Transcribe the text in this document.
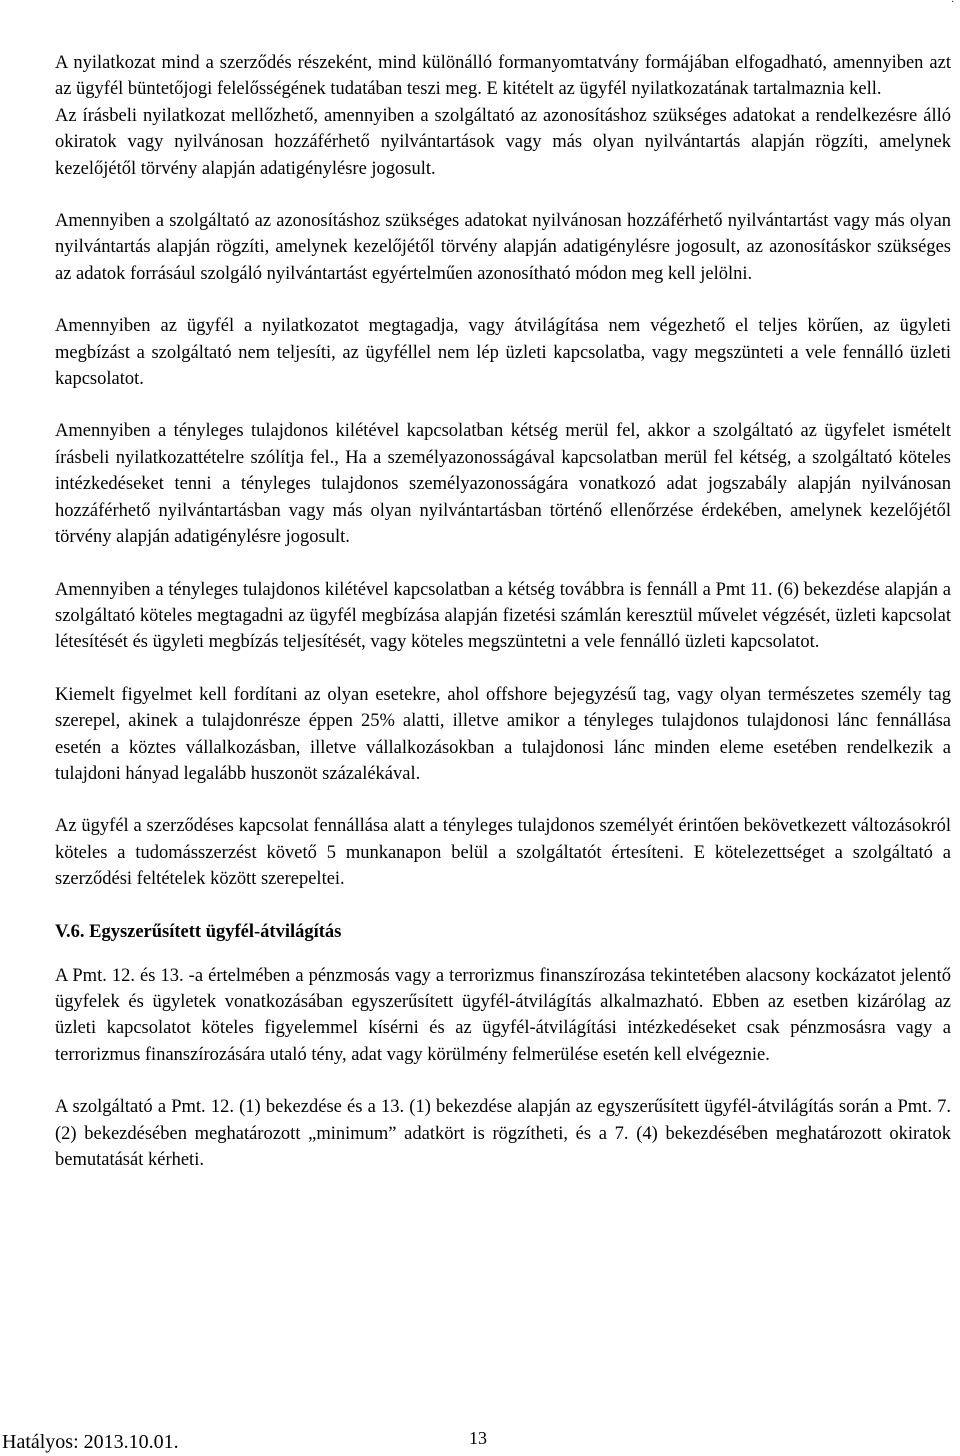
A nyilatkozat mind a szerződés részeként, mind különálló formanyomtatvány formájában elfogadható, amennyiben azt az ügyfél büntetőjogi felelősségének tudatában teszi meg. E kitételt az ügyfél nyilatkozatának tartalmaznia kell.

Az írásbeli nyilatkozat mellőzhető, amennyiben a szolgáltató az azonosításhoz szükséges adatokat a rendelkezésre álló okiratok vagy nyilvánosan hozzáférhető nyilvántartások vagy más olyan nyilvántartás alapján rögzíti, amelynek kezelőjétől törvény alapján adatigénylésre jogosult.

Amennyiben a szolgáltató az azonosításhoz szükséges adatokat nyilvánosan hozzáférhető nyilvántartást vagy más olyan nyilvántartás alapján rögzíti, amelynek kezelőjétől törvény alapján adatigénylésre jogosult, az azonosításkor szükséges az adatok forrásául szolgáló nyilvántartást egyértelműen azonosítható módon meg kell jelölni.

Amennyiben az ügyfél a nyilatkozatot megtagadja, vagy átvilágítása nem végezhető el teljes körűen, az ügyleti megbízást a szolgáltató nem teljesíti, az ügyféllel nem lép üzleti kapcsolatba, vagy megszünteti a vele fennálló üzleti kapcsolatot.

Amennyiben a tényleges tulajdonos kilétével kapcsolatban kétség merül fel, akkor a szolgáltató az ügyfelet ismételt írásbeli nyilatkozattételre szólítja fel., Ha a személyazonosságával kapcsolatban merül fel kétség, a szolgáltató köteles intézkedéseket tenni a tényleges tulajdonos személyazonosságára vonatkozó adat jogszabály alapján nyilvánosan hozzáférhető nyilvántartásban vagy más olyan nyilvántartásban történő ellenőrzése érdekében, amelynek kezelőjétől törvény alapján adatigénylésre jogosult.

Amennyiben a tényleges tulajdonos kilétével kapcsolatban a kétség továbbra is fennáll a Pmt 11. (6) bekezdése alapján a szolgáltató köteles megtagadni az ügyfél megbízása alapján fizetési számlán keresztül művelet végzését, üzleti kapcsolat létesítését és ügyleti megbízás teljesítését, vagy köteles megszüntetni a vele fennálló üzleti kapcsolatot.

Kiemelt figyelmet kell fordítani az olyan esetekre, ahol offshore bejegyzésű tag, vagy olyan természetes személy tag szerepel, akinek a tulajdonrésze éppen 25% alatti, illetve amikor a tényleges tulajdonos tulajdonosi lánc fennállása esetén a köztes vállalkozásban, illetve vállalkozásokban a tulajdonosi lánc minden eleme esetében rendelkezik a tulajdoni hányad legalább huszonöt százalékával.

Az ügyfél a szerződéses kapcsolat fennállása alatt a tényleges tulajdonos személyét érintően bekövetkezett változásokról köteles a tudomásszerzést követő 5 munkanapon belül a szolgáltatót értesíteni. E kötelezettséget a szolgáltató a szerződési feltételek között szerepeltei.

V.6. Egyszerűsített ügyfél-átvilágítás

A Pmt. 12. és 13. -a értelmében a pénzmosás vagy a terrorizmus finanszírozása tekintetében alacsony kockázatot jelentő ügyfelek és ügyletek vonatkozásában egyszerűsített ügyfél-átvilágítás alkalmazható. Ebben az esetben kizárólag az üzleti kapcsolatot köteles figyelemmel kísérni és az ügyfél-átvilágítási intézkedéseket csak pénzmosásra vagy a terrorizmus finanszírozására utaló tény, adat vagy körülmény felmerülése esetén kell elvégeznie.

A szolgáltató a Pmt. 12. (1) bekezdése és a 13. (1) bekezdése alapján az egyszerűsített ügyfél-átvilágítás során a Pmt. 7. (2) bekezdésében meghatározott „minimum” adatkört is rögzítheti, és a 7. (4) bekezdésében meghatározott okiratok bemutatását kérheti.

Hatályos: 2013.10.01.	13
